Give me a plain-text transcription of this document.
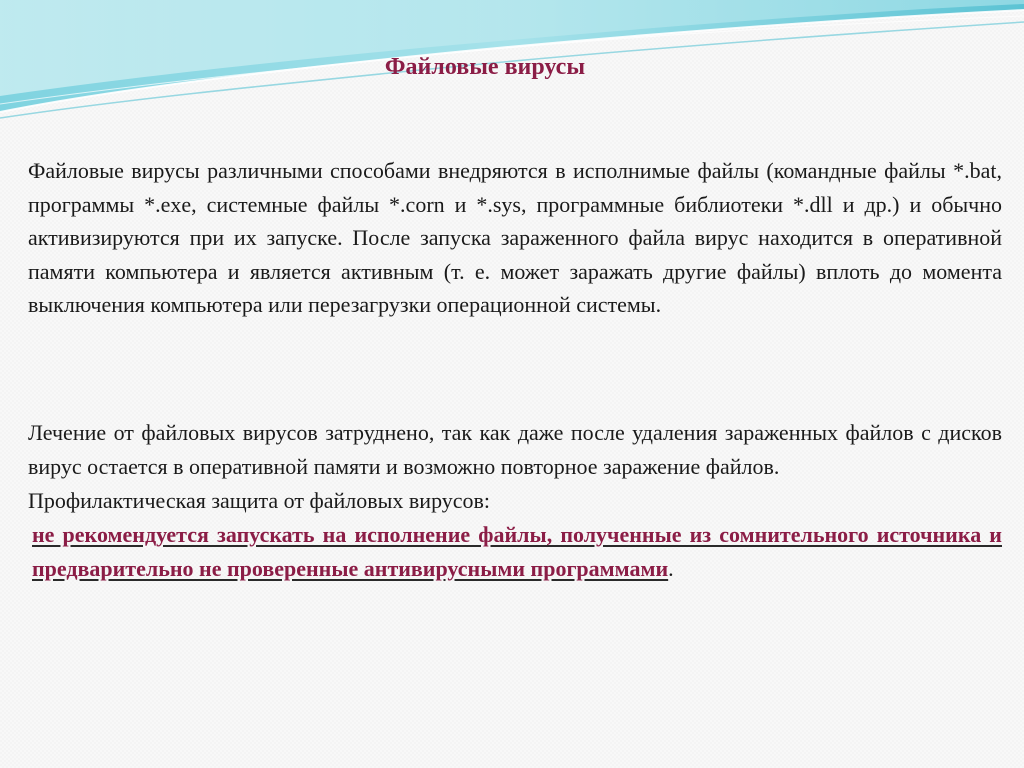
Файловые вирусы
Файловые вирусы различными способами внедряются в исполнимые файлы (командные файлы *.bat, программы *.exe, системные файлы *.corn и *.sys, программные библиотеки *.dll и др.) и обычно активизируются при их запуске. После запуска зараженного файла вирус находится в оперативной памяти компьютера и является активным (т. е. может заражать другие файлы) вплоть до момента выключения компьютера или перезагрузки операционной системы.
Лечение от файловых вирусов затруднено, так как даже после удаления зараженных файлов с дисков вирус остается в оперативной памяти и возможно повторное заражение файлов.
Профилактическая защита от файловых вирусов:
не рекомендуется запускать на исполнение файлы, полученные из сомнительного источника и предварительно не проверенные антивирусными программами.
